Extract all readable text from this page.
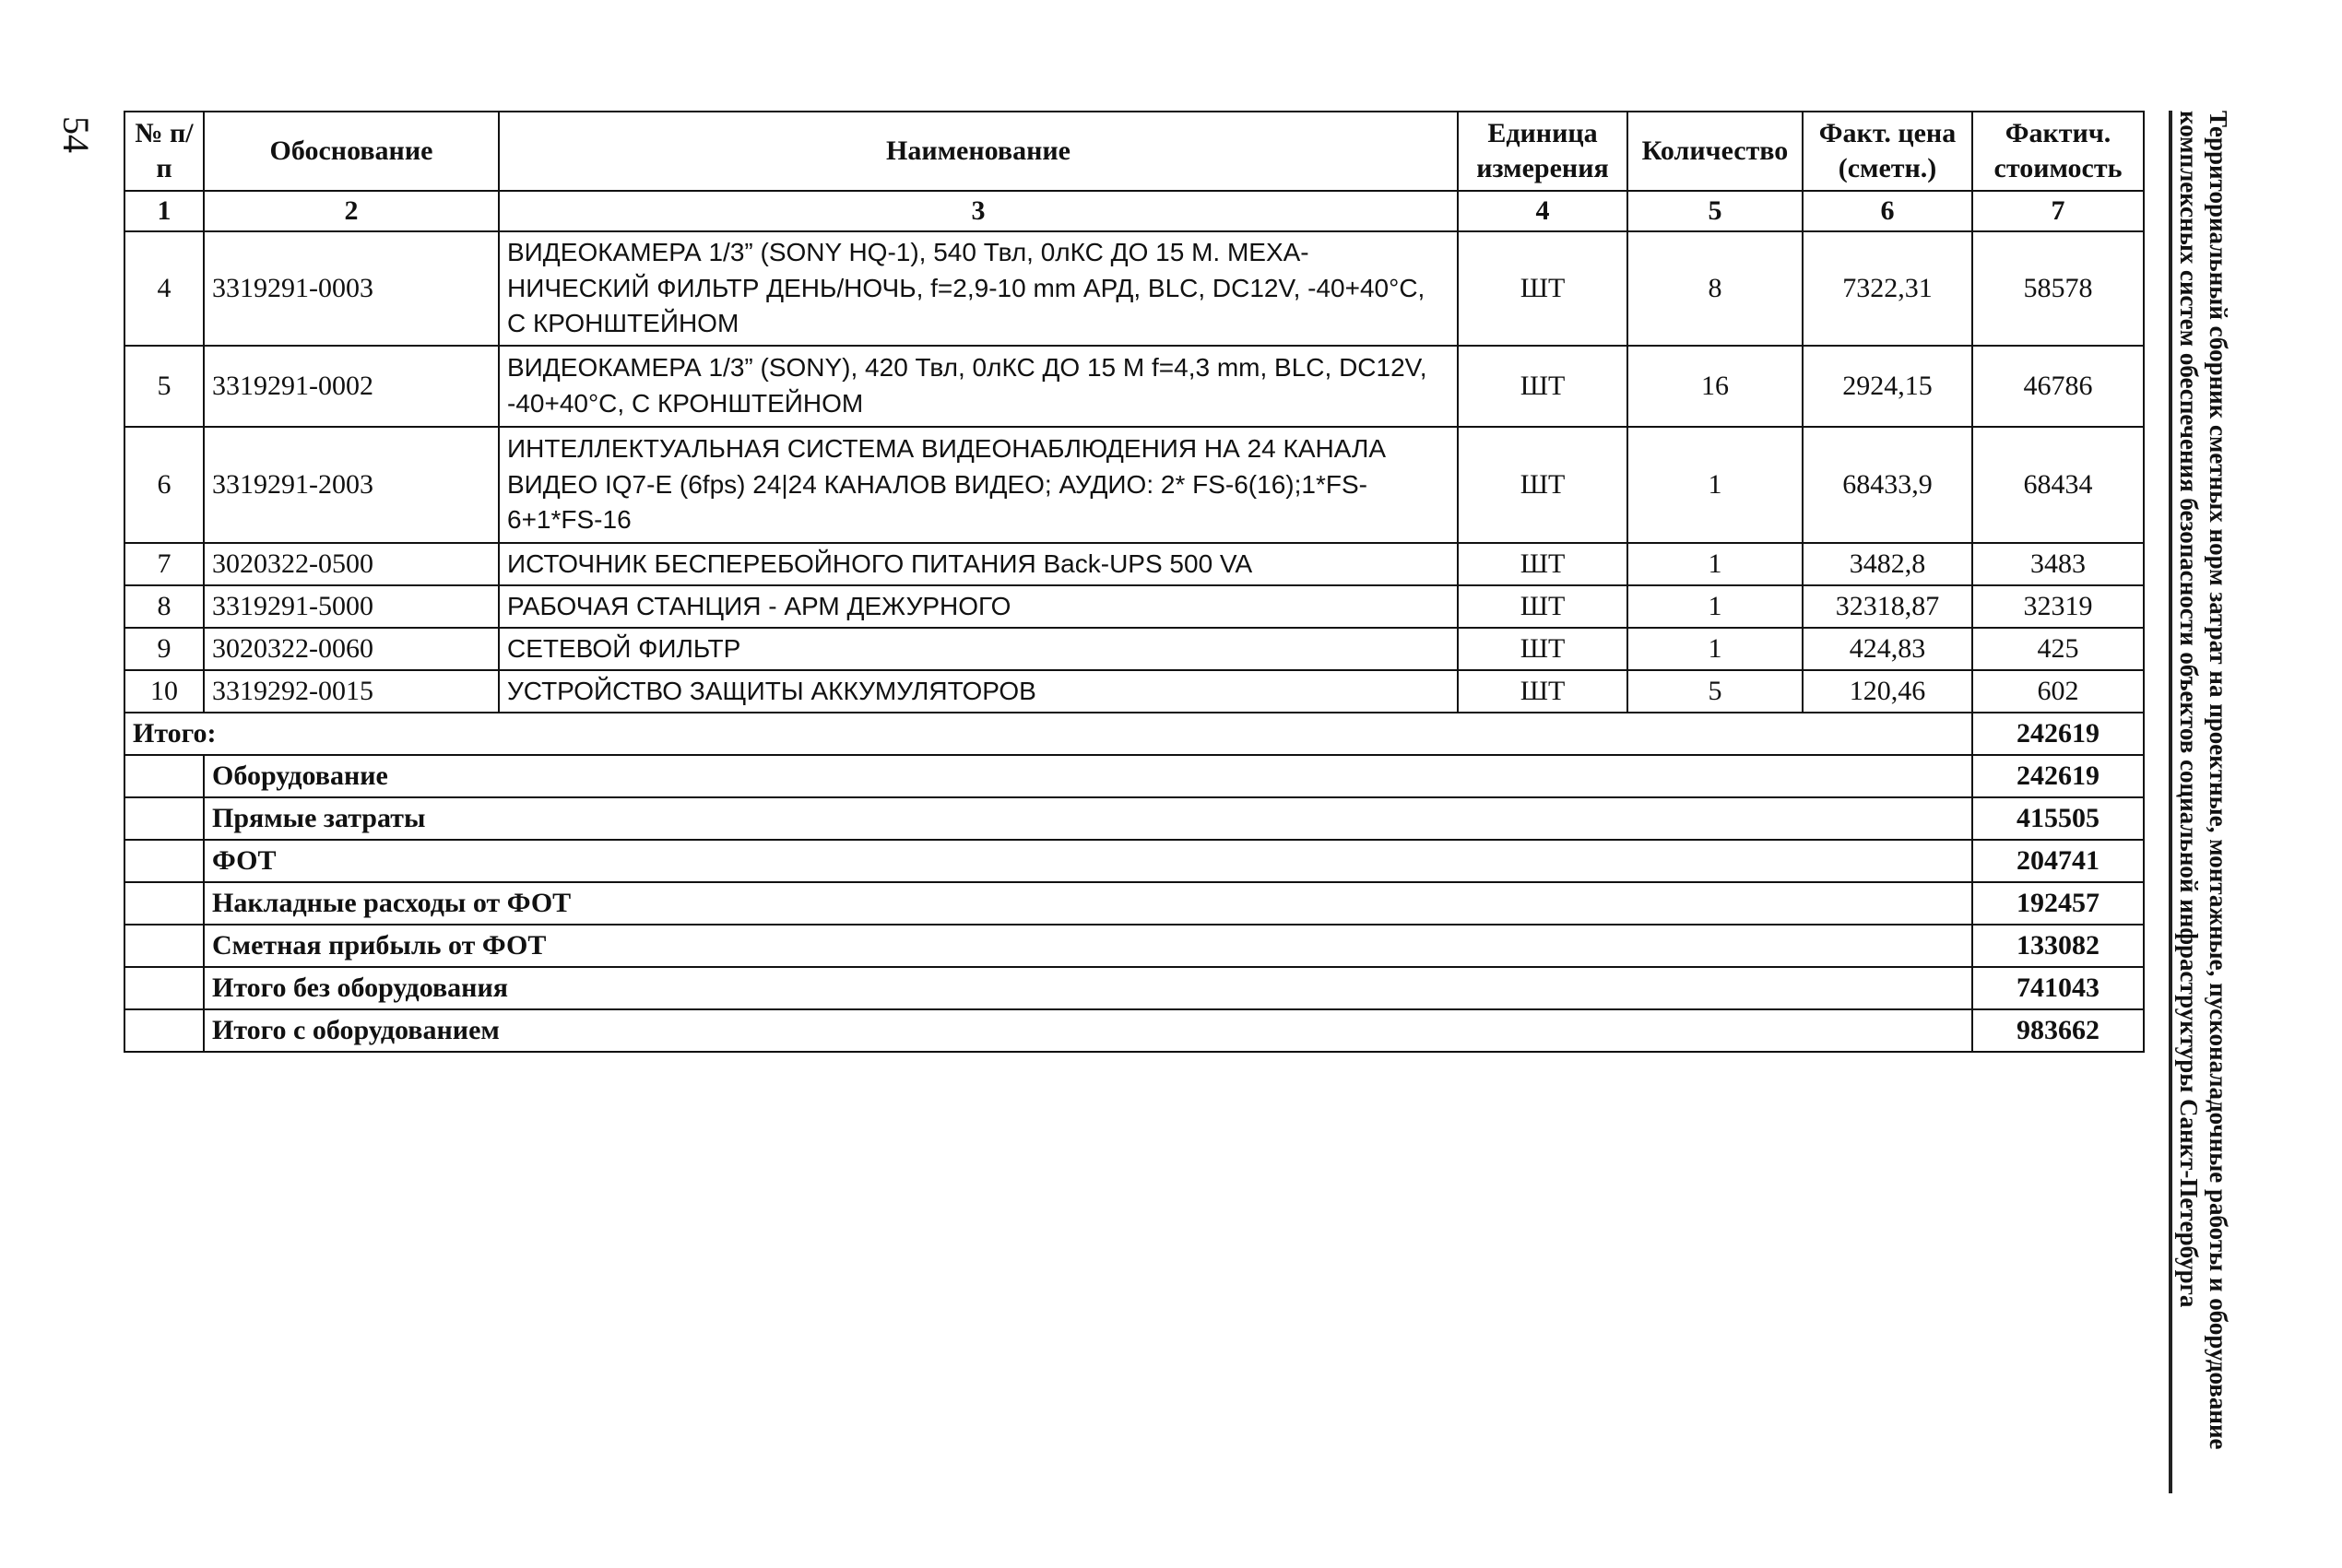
54 № п/п	Обоснование	Наименование	Единица измерения	Количество	Факт. цена (сметн.)	Фактич. стоимость
1	2	3	4	5	6	7
4	3319291-0003	ВИДЕОКАМЕРА 1/3” (SONY HQ-1), 540 Твл, 0лКС ДО 15 М. МЕХА-НИЧЕСКИЙ ФИЛЬТР ДЕНЬ/НОЧЬ, f=2,9-10 mm АРД, BLC, DC12V, -40+40°С, С КРОНШТЕЙНОМ	ШТ	8	7322,31	58578
5	3319291-0002	ВИДЕОКАМЕРА 1/3” (SONY), 420 Твл, 0лКС ДО 15 М f=4,3 mm, BLC, DC12V, -40+40°С, С КРОНШТЕЙНОМ	ШТ	16	2924,15	46786
6	3319291-2003	ИНТЕЛЛЕКТУАЛЬНАЯ СИСТЕМА ВИДЕОНАБЛЮДЕНИЯ НА 24 КАНАЛА ВИДЕО IQ7-E (6fps) 24|24 КАНАЛОВ ВИДЕО; АУДИО: 2* FS-6(16);1*FS-6+1*FS-16	ШТ	1	68433,9	68434
7	3020322-0500	ИСТОЧНИК БЕСПЕРЕБОЙНОГО ПИТАНИЯ Back-UPS 500 VA	ШТ	1	3482,8	3483
8	3319291-5000	РАБОЧАЯ СТАНЦИЯ - АРМ ДЕЖУРНОГО	ШТ	1	32318,87	32319
9	3020322-0060	СЕТЕВОЙ ФИЛЬТР	ШТ	1	424,83	425
10	3319292-0015	УСТРОЙСТВО ЗАЩИТЫ АККУМУЛЯТОРОВ	ШТ	5	120,46	602
Итого:						242619
	Оборудование					242619
	Прямые затраты					415505
	ФОТ					204741
	Накладные расходы от ФОТ					192457
	Сметная прибыль от ФОТ					133082
	Итого без оборудования					741043
	Итого с оборудованием					983662	Территориальный сборник сметных норм затрат на проектные, монтажные, пусконаладочные работы и оборудование
комплексных систем обеспечения безопасности объектов социальной инфраструктуры Санкт-Петербурга
